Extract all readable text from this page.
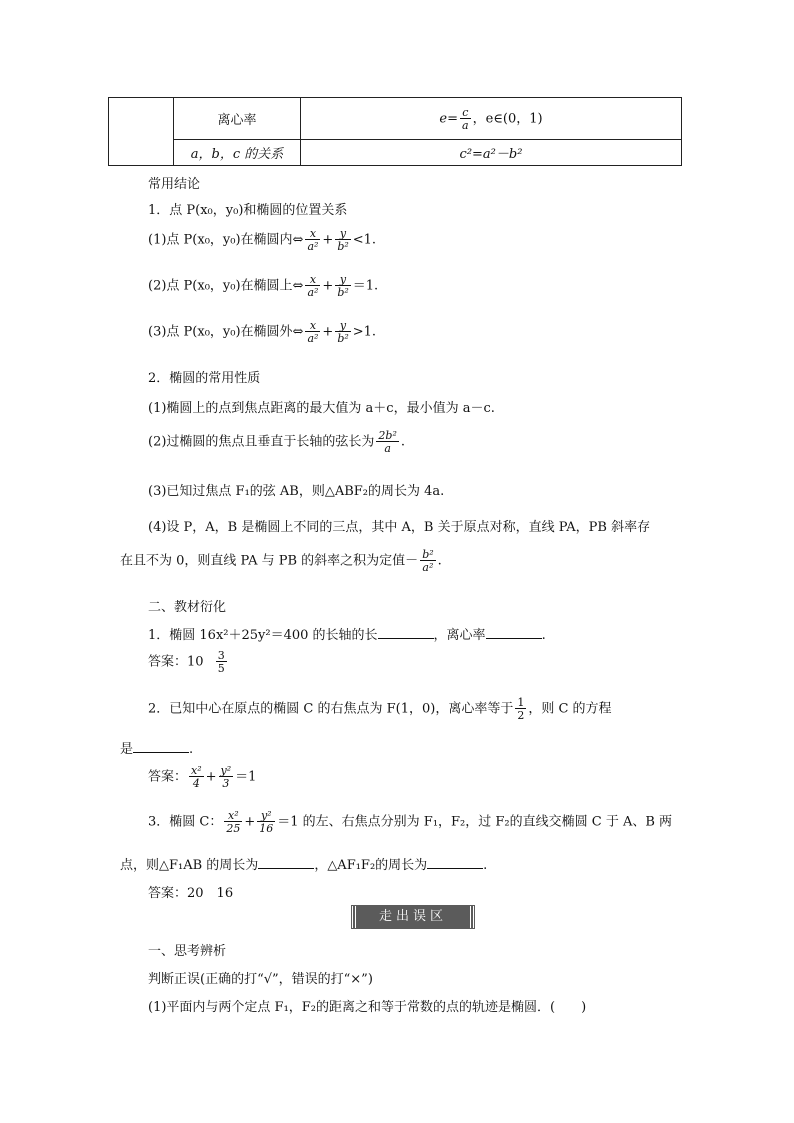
	离心率	$e= \frac{c}{a}$ ，e∈(0，1)
	a，b，c 的关系	c²=a²－b²
常用结论
1．点 P(x₀，y₀)和椭圆的位置关系
(1)点 P(x₀，y₀)在椭圆内⇔ $\frac{x}{\text{a²}} + \frac{y}{\text{b²}} <1$.
(2)点 P(x₀，y₀)在椭圆上⇔ $\frac{x}{\text{a²}} + \frac{y}{\text{b²}} =1$.
(3)点 P(x₀，y₀)在椭圆外⇔ $\frac{x}{\text{a²}} + \frac{y}{\text{b²}} >1$.
2．椭圆的常用性质
(1)椭圆上的点到焦点距离的最大值为 a＋c，最小值为 a－c.
(2)过椭圆的焦点且垂直于长轴的弦长为 $\frac{\text{2b²}}{a}$ .
(3)已知过焦点 F₁的弦 AB，则△ABF₂的周长为 4a.
(4)设 P，A，B 是椭圆上不同的三点，其中 A，B 关于原点对称，直线 PA，PB 斜率存
在且不为 0，则直线 PA 与 PB 的斜率之积为定值－ $\frac{\text{b²}}{\text{a²}}$ .
二、教材衍化
1．椭圆 16x²＋25y²＝400 的长轴的长	，离心率	.
答案：$10 \frac{3}{5}$
2．已知中心在原点的椭圆 C 的右焦点为 F(1，0)，离心率等于 $\frac{1}{2}$ ，则 C 的方程
是	.
答案： $\frac{\text{x²}}{4} + \frac{\text{y²}}{3} =1$
3．椭圆 C： $\frac{\text{x²}}{25} + \frac{\text{y²}}{16} =1$ 的左、右焦点分别为 F₁，F₂，过 F₂的直线交椭圆 C 于 A、B 两
点，则△F₁AB 的周长为	，△AF₁F₂的周长为	.
答案：20　16
走出误区
一、思考辨析
判断正误(正确的打“√”，错误的打“×”)
(1)平面内与两个定点 F₁，F₂的距离之和等于常数的点的轨迹是椭圆．(　　)
